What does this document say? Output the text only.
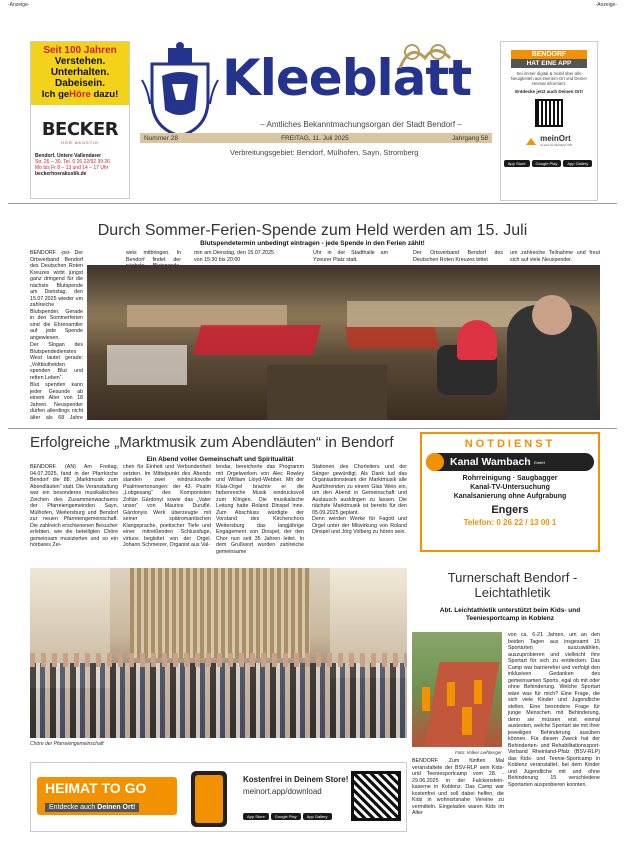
-Anzeige-	-Anzeige-
Seit 100 Jahren
Verstehen.
Unterhalten.
Dabeisein.
Ich geHöre dazu!
BECKER
HÖR AKUSTIK
Bendorf, Untere Vallendarer
Str. 26 – 30, Tel. 0 26 22/92 39 26
Mo bis Fr 8 – 13 und 14 – 17 Uhr
beckerhoerakustik.de
Kleeblatt
– Amtliches Bekanntmachungsorgan der Stadt Bendorf –
Nummer 28	FREITAG, 11. Juli 2025	Jahrgang 58
Verbreitungsgebiet: Bendorf, Mülhofen, Sayn, Stromberg
BENDORF
HAT EINE APP
Sei immer digital & mobil über alle Neuigkeiten aus Deinem Ort und Deiner Heimat informiert.
Entdecke jetzt auch Deinen Ort!
meinOrt
ALLES IN DEINEM ORT
App Store	Google Play	App Gallery
Durch Sommer-Ferien-Spende zum Held werden am 15. Juli
Blutspendetermin unbedingt eintragen - jede Spende in den Ferien zählt!

BENDORF. -psi- Der Ortsverband Bendorf des Deutschen Roten Kreuzes wirbt jüngst ganz dringend für die nächste Blutspende am Dienstag, den 15.07.2025 wieder um zahlreiche Blutspender. Gerade in den Sommerferien sind die Ehrenamtler auf jede Spende angewiesen.

Der Slogan des Blutspendedienstes West lautet gerade: „Voltblutheiden spenden Blut und retten Leben“.

Blut spenden kann jeder Gesunde ab einem Alter von 18 Jahren. Neuspender dürfen allerdings nicht älter als 68 Jahre

weis mitbringen. In Bendorf findet der
min am Dienstag, den 15.07.2025 von 15:30 bis 20:00
Uhr in der Stadthalle am Yzeurer Platz statt.
Der Ortsverband Bendorf des Deutschen Roten Kreuzes bittet
um zahlreiche Teilnahme und freut sich auf viele Neuspender.
Erfolgreiche „Marktmusik zum Abendläuten“ in Bendorf
Ein Abend voller Gemeinschaft und Spiritualität
BENDORF. (AN) Am Freitag, 04.07.2025, fand in der Pfarrkirche Bendorf die 88. „Marktmusik zum Abendläuten“ statt. Die Veranstaltung war ein besonderes musikalisches Zeichen des Zusammenwachsens der Pfarreiengemeinden Sayn, Mülhofen, Weitersburg und Bendorf zur neuen Pfarreiengemeinschaft. Die zahlreich erschienenen Besucher erlebten, wie die beteiligten Chöre gemeinsam musizierten und so ein hörbares Zei-
chen für Einheit und Verbundenheit setzten. Im Mittelpunkt des Abends standen zwei eindrucksvolle Psalmvertonungen: der 43. Psalm „Lobgesang“ des Komponisten Zoltán Gárdonyi sowie das „Vater unser“ von Maurice Duruflé. Gárdonyis Werk überzeugte mit seiner spätromantischen Klangsprache, poetischer Tiefe und einer mitreißenden Schlussfuge, virtuos begleitet von der Orgel. Johann Schmeizer, Organist aus Val-
lendar, bereicherte das Programm mit Orgelwerken von Alec Rowley und William Lloyd-Webber. Mit der Klais-Orgel brachte er die farbenreiche Musik eindrucksvoll zum Klingen. Die musikalische Leitung hatte Roland Dinspel inne. Zum Abschluss würdigte der Vorstand des Kirchenchors Weitersburg das langjährige Engagement von Dinspel, der den Chor nun seit 35 Jahren leitet. In dem Grußwort wurden zahlreiche gemeinsame
Stationen des Chorleiters und der Sänger gewürdigt. Als Dank lud das Organisationsteam der Marktmusik alle Ausführenden zu einem Glas Wein ein, um den Abend in Gemeinschaft und Austausch ausklingen zu lassen. Die nächste Marktmusik ist bereits für den 05.09.2025 geplant.
Denn werden Werke für Fagott und Orgel unter der Mitwirkung von Roland Dinspel und Jörg Volberg zu hören sein.
Chöre der Pfarreiengemeinschaft
NOTDIENST
Kanal Wambach GmbH
Rohrreinigung · Saugbagger
Kanal-TV-Untersuchung
Kanalsanierung ohne Aufgrabung
Engers
Telefon: 0 26 22 / 13 00 1
Turnerschaft Bendorf - Leichtathletik
Abt. Leichtathletik unterstützt beim Kids- und Teeniesportcamp in Koblenz
Foto: Volker Leihberger
BENDORF. Zum fünften Mal veranstaltete der BSV-RLP sein Kids- und Teeniesportcamp vom 28. - 29.06.2025 in der Falckenstein-kaserne in Koblenz. Das Camp war kostenfrei und soll dabei helfen, die Kids in wohnortsnahe Vereine zu vermitteln. Eingeladen waren Kids im Alter
von ca. 6-21 Jahren, um an den beiden Tagen aus insgesamt 15 Sportarten auszuwählen, auszuprobieren und vielleicht ihre Sportart für sich zu entdecken. Das Camp war barrierefrei und verfolgt den inklusiven Gedanken des gemeinsamen Sports, egal ob mit oder ohne Behinderung. Welche Sportart wäre was für mich? Eine Frage, die sich viele Kinder und Jugendliche stellen. Eine besondere Frage für junge Menschen mit Behinderung, denn sie müssen erst einmal austesten, welche Sportart sie mit ihrer jeweiligen Behinderung ausüben können. Für diesen Zweck hat der Behinderten- und Rehabilitationssport-Verband Rheinland-Pfalz (BSV-RLP) das Kids- und Teenie-Sportcamp in Koblenz veranstaltet, bei dem Kinder und Jugendliche mit und ohne Behinderung 15 verschiedene Sportarten ausprobieren konnten.
HEIMAT TO GO
Entdecke auch Deinen Ort!
Kostenfrei in Deinem Store!
meinort.app/download
App Store	Google Play	App Gallery
